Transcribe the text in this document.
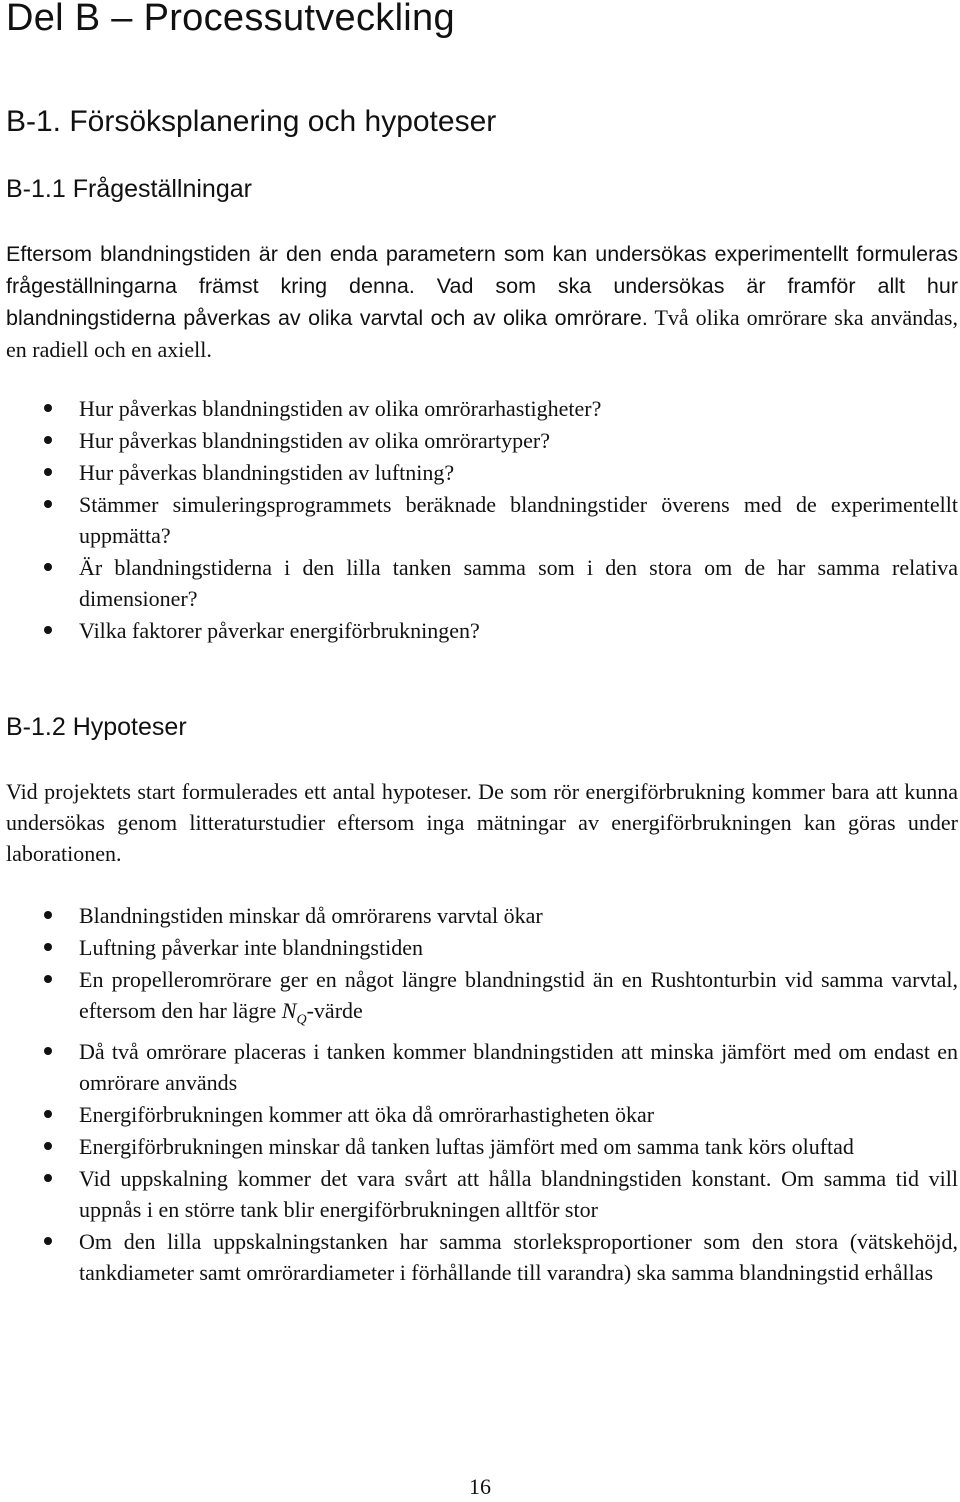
Del B – Processutveckling
B-1. Försöksplanering och hypoteser
B-1.1 Frågeställningar

Eftersom blandningstiden är den enda parametern som kan undersökas experimentellt formuleras frågeställningarna främst kring denna. Vad som ska undersökas är framför allt hur blandningstiderna påverkas av olika varvtal och av olika omrörare. Två olika omrörare ska användas, en radiell och en axiell.

Hur påverkas blandningstiden av olika omrörarhastigheter?
Hur påverkas blandningstiden av olika omrörartyper?
Hur påverkas blandningstiden av luftning?
Stämmer simuleringsprogrammets beräknade blandningstider överens med de experimentellt uppmätta?
Är blandningstiderna i den lilla tanken samma som i den stora om de har samma relativa dimensioner?
Vilka faktorer påverkar energiförbrukningen?
B-1.2 Hypoteser

Vid projektets start formulerades ett antal hypoteser. De som rör energiförbrukning kommer bara att kunna undersökas genom litteraturstudier eftersom inga mätningar av energiförbrukningen kan göras under laborationen.

Blandningstiden minskar då omrörarens varvtal ökar
Luftning påverkar inte blandningstiden
En propelleromrörare ger en något längre blandningstid än en Rushtonturbin vid samma varvtal, eftersom den har lägre $N_Q$-värde
Då två omrörare placeras i tanken kommer blandningstiden att minska jämfört med om endast en omrörare används
Energiförbrukningen kommer att öka då omrörarhastigheten ökar
Energiförbrukningen minskar då tanken luftas jämfört med om samma tank körs oluftad
Vid uppskalning kommer det vara svårt att hålla blandningstiden konstant. Om samma tid vill uppnås i en större tank blir energiförbrukningen alltför stor
Om den lilla uppskalningstanken har samma storleksproportioner som den stora (vätskehöjd, tankdiameter samt omrörardiameter i förhållande till varandra) ska samma blandningstid erhållas
16
